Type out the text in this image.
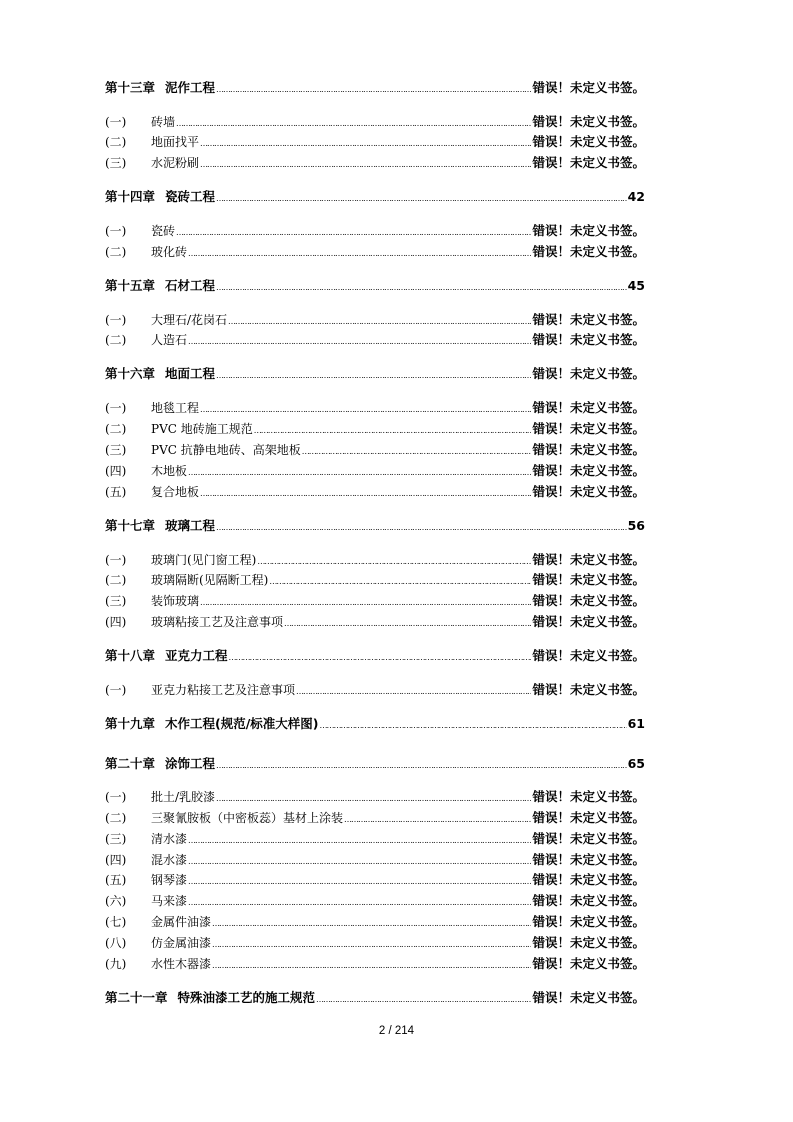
第十三章 泥作工程 ……………………………………………………………………………………………………………………………………………………………………………………………………………………………………………………………………………………………………………	错误！未定义书签。
(一)	砖墙 ……………………………………………………………………………………………………………………………………………………………………………………………………………………………………………………………………………………………………………	错误！未定义书签。
(二)	地面找平 ……………………………………………………………………………………………………………………………………………………………………………………………………………………………………………………………………………………………………………	错误！未定义书签。
(三)	水泥粉刷 ……………………………………………………………………………………………………………………………………………………………………………………………………………………………………………………………………………………………………………	错误！未定义书签。
第十四章 瓷砖工程 ……………………………………………………………………………………………………………………………………………………………………………………………………………………………………………………………………………………………………………	42
(一)	瓷砖 ……………………………………………………………………………………………………………………………………………………………………………………………………………………………………………………………………………………………………………	错误！未定义书签。
(二)	玻化砖 ……………………………………………………………………………………………………………………………………………………………………………………………………………………………………………………………………………………………………………	错误！未定义书签。
第十五章 石材工程 ……………………………………………………………………………………………………………………………………………………………………………………………………………………………………………………………………………………………………………	45
(一)	大理石/花岗石 ……………………………………………………………………………………………………………………………………………………………………………………………………………………………………………………………………………………………………………	错误！未定义书签。
(二)	人造石 ……………………………………………………………………………………………………………………………………………………………………………………………………………………………………………………………………………………………………………	错误！未定义书签。
第十六章 地面工程 ……………………………………………………………………………………………………………………………………………………………………………………………………………………………………………………………………………………………………………	错误！未定义书签。
(一)	地毯工程 ……………………………………………………………………………………………………………………………………………………………………………………………………………………………………………………………………………………………………………	错误！未定义书签。
(二)	PVC 地砖施工规范 ……………………………………………………………………………………………………………………………………………………………………………………………………………………………………………………………………………………………………………	错误！未定义书签。
(三)	PVC 抗静电地砖、高架地板 ……………………………………………………………………………………………………………………………………………………………………………………………………………………………………………………………………………………………………………	错误！未定义书签。
(四)	木地板 ……………………………………………………………………………………………………………………………………………………………………………………………………………………………………………………………………………………………………………	错误！未定义书签。
(五)	复合地板 ……………………………………………………………………………………………………………………………………………………………………………………………………………………………………………………………………………………………………………	错误！未定义书签。
第十七章 玻璃工程 ……………………………………………………………………………………………………………………………………………………………………………………………………………………………………………………………………………………………………………	56
(一)	玻璃门(见门窗工程) ……………………………………………………………………………………………………………………………………………………………………………………………………………………………………………………………………………………………………………	错误！未定义书签。
(二)	玻璃隔断(见隔断工程) ……………………………………………………………………………………………………………………………………………………………………………………………………………………………………………………………………………………………………………	错误！未定义书签。
(三)	装饰玻璃 ……………………………………………………………………………………………………………………………………………………………………………………………………………………………………………………………………………………………………………	错误！未定义书签。
(四)	玻璃粘接工艺及注意事项 ……………………………………………………………………………………………………………………………………………………………………………………………………………………………………………………………………………………………………………	错误！未定义书签。
第十八章 亚克力工程 ……………………………………………………………………………………………………………………………………………………………………………………………………………………………………………………………………………………………………………	错误！未定义书签。
(一)	亚克力粘接工艺及注意事项 ……………………………………………………………………………………………………………………………………………………………………………………………………………………………………………………………………………………………………………	错误！未定义书签。
第十九章 木作工程(规范/标准大样图) ……………………………………………………………………………………………………………………………………………………………………………………………………………………………………………………………………………………………………………	61
第二十章 涂饰工程 ……………………………………………………………………………………………………………………………………………………………………………………………………………………………………………………………………………………………………………	65
(一)	批土/乳胶漆 ……………………………………………………………………………………………………………………………………………………………………………………………………………………………………………………………………………………………………………	错误！未定义书签。
(二)	三聚氰胺板（中密板蕊）基材上涂装 ……………………………………………………………………………………………………………………………………………………………………………………………………………………………………………………………………………………………………………	错误！未定义书签。
(三)	清水漆 ……………………………………………………………………………………………………………………………………………………………………………………………………………………………………………………………………………………………………………	错误！未定义书签。
(四)	混水漆 ……………………………………………………………………………………………………………………………………………………………………………………………………………………………………………………………………………………………………………	错误！未定义书签。
(五)	钢琴漆 ……………………………………………………………………………………………………………………………………………………………………………………………………………………………………………………………………………………………………………	错误！未定义书签。
(六)	马来漆 ……………………………………………………………………………………………………………………………………………………………………………………………………………………………………………………………………………………………………………	错误！未定义书签。
(七)	金属件油漆 ……………………………………………………………………………………………………………………………………………………………………………………………………………………………………………………………………………………………………………	错误！未定义书签。
(八)	仿金属油漆 ……………………………………………………………………………………………………………………………………………………………………………………………………………………………………………………………………………………………………………	错误！未定义书签。
(九)	水性木器漆 ……………………………………………………………………………………………………………………………………………………………………………………………………………………………………………………………………………………………………………	错误！未定义书签。
第二十一章 特殊油漆工艺的施工规范 ……………………………………………………………………………………………………………………………………………………………………………………………………………………………………………………………………………………………………………	错误！未定义书签。
2 / 214
